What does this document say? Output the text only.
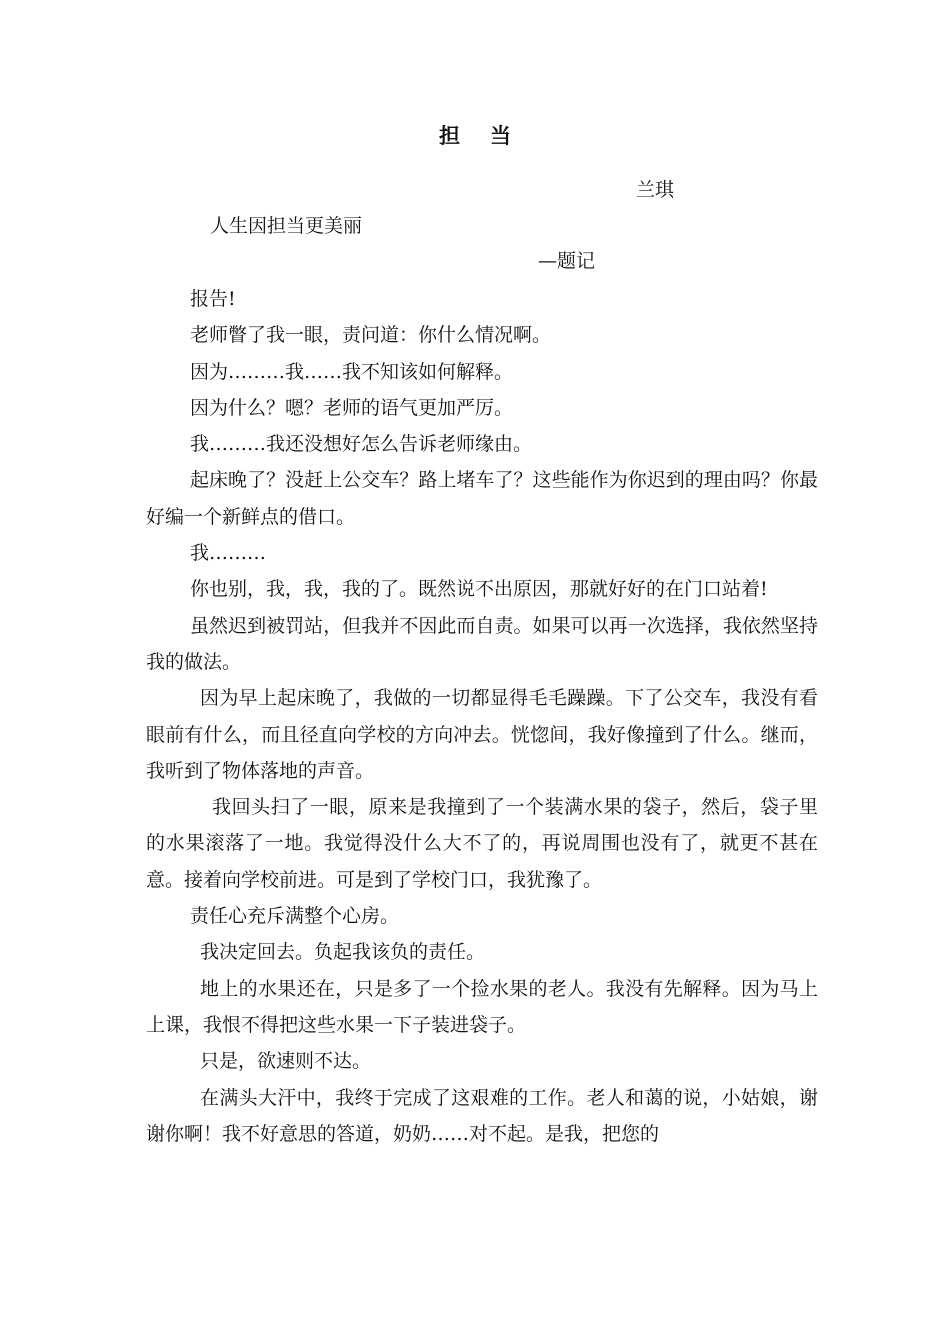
担当
兰琪
人生因担当更美丽
—题记

报告!

老师瞥了我一眼，责问道：你什么情况啊。

因为………我……我不知该如何解释。

因为什么？嗯？老师的语气更加严厉。

我………我还没想好怎么告诉老师缘由。

起床晚了？没赶上公交车？路上堵车了？这些能作为你迟到的理由吗？你最好编一个新鲜点的借口。

我………

你也别，我，我，我的了。既然说不出原因，那就好好的在门口站着!

虽然迟到被罚站，但我并不因此而自责。如果可以再一次选择，我依然坚持我的做法。

因为早上起床晚了，我做的一切都显得毛毛躁躁。下了公交车，我没有看眼前有什么，而且径直向学校的方向冲去。恍惚间，我好像撞到了什么。继而，我听到了物体落地的声音。

我回头扫了一眼，原来是我撞到了一个装满水果的袋子，然后，袋子里的水果滚落了一地。我觉得没什么大不了的，再说周围也没有了，就更不甚在意。接着向学校前进。可是到了学校门口，我犹豫了。

责任心充斥满整个心房。

我决定回去。负起我该负的责任。

地上的水果还在，只是多了一个捡水果的老人。我没有先解释。因为马上上课，我恨不得把这些水果一下子装进袋子。

只是，欲速则不达。

在满头大汗中，我终于完成了这艰难的工作。老人和蔼的说，小姑娘，谢谢你啊！我不好意思的答道，奶奶……对不起。是我，把您的
